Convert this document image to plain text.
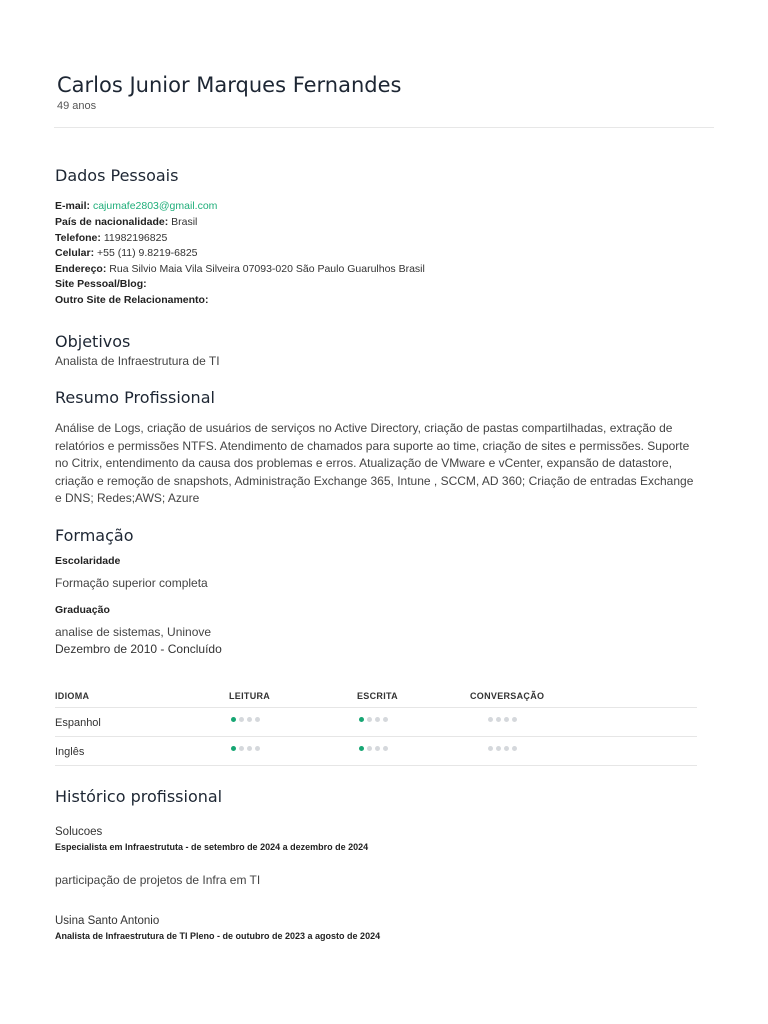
Carlos Junior Marques Fernandes
49 anos
Dados Pessoais
E-mail: cajumafe2803@gmail.com
País de nacionalidade: Brasil
Telefone: 11982196825
Celular: +55 (11) 9.8219-6825
Endereço: Rua Silvio Maia Vila Silveira 07093-020 São Paulo Guarulhos Brasil
Site Pessoal/Blog:
Outro Site de Relacionamento:
Objetivos
Analista de Infraestrutura de TI
Resumo Profissional
Análise de Logs, criação de usuários de serviços no Active Directory, criação de pastas compartilhadas, extração de relatórios e permissões NTFS. Atendimento de chamados para suporte ao time, criação de sites e permissões. Suporte no Citrix, entendimento da causa dos problemas e erros. Atualização de VMware e vCenter, expansão de datastore, criação e remoção de snapshots, Administração Exchange 365, Intune , SCCM, AD 360; Criação de entradas Exchange e DNS; Redes;AWS; Azure
Formação
Escolaridade
Formação superior completa
Graduação
analise de sistemas, Uninove
Dezembro de 2010 - Concluído
IDIOMA	LEITURA	ESCRITA	CONVERSAÇÃO
Espanhol
Inglês
Histórico profissional
Solucoes
Especialista em Infraestrututa - de setembro de 2024 a dezembro de 2024
participação de projetos de Infra em TI
Usina Santo Antonio
Analista de Infraestrutura de TI Pleno - de outubro de 2023 a agosto de 2024
